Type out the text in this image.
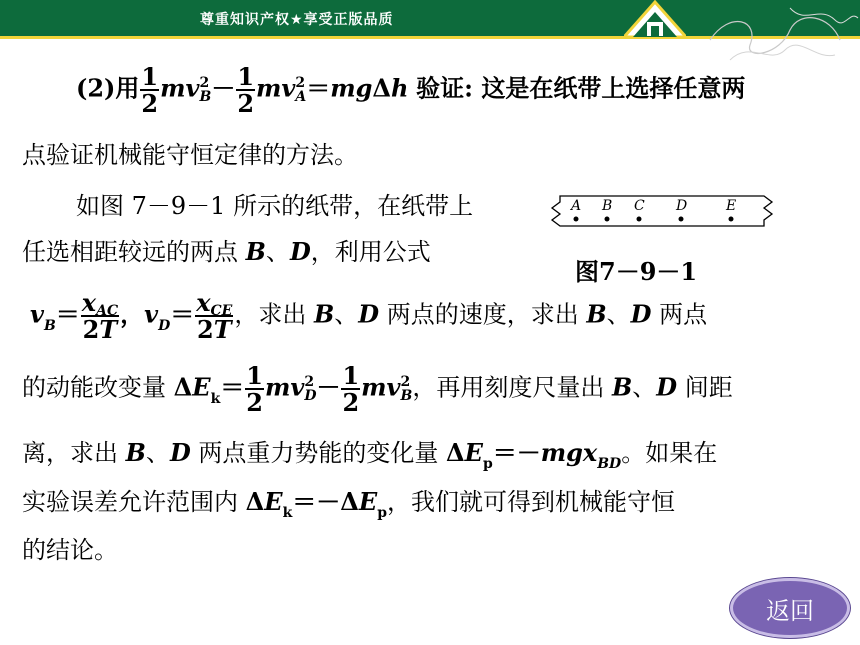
尊重知识产权★享受正版品质
(2)用 $\frac{1}{2}$ mv 2
$B - \frac{1}{2}$ mv 2
A ＝mgΔh 验证: 这是在纸带上选择任意两
点验证机械能守恒定律的方法。
如图 7－9－1 所示的纸带，在纸带上	A B C D	E
图7－9－1
任选相距较远的两点 B、D，利用公式
$v_B= \frac{\text{xAC}}{2T}$ ，$v_D= \frac{\text{xCE}}{2T}$ ，求出 B、D 两点的速度，求出 B、D 两点
的动能改变量 $\Delta E_k= \frac{1}{2}$ mv 2
$D - \frac{1}{2}$ mv 2
B ，再用刻度尺量出 B、D 间距
离，求出 B、D 两点重力势能的变化量 $\Delta E_p=-mgx_{BD}$。如果在
实验误差允许范围内 $\Delta E_k=-\Delta E_p$，我们就可得到机械能守恒
的结论。
返回
